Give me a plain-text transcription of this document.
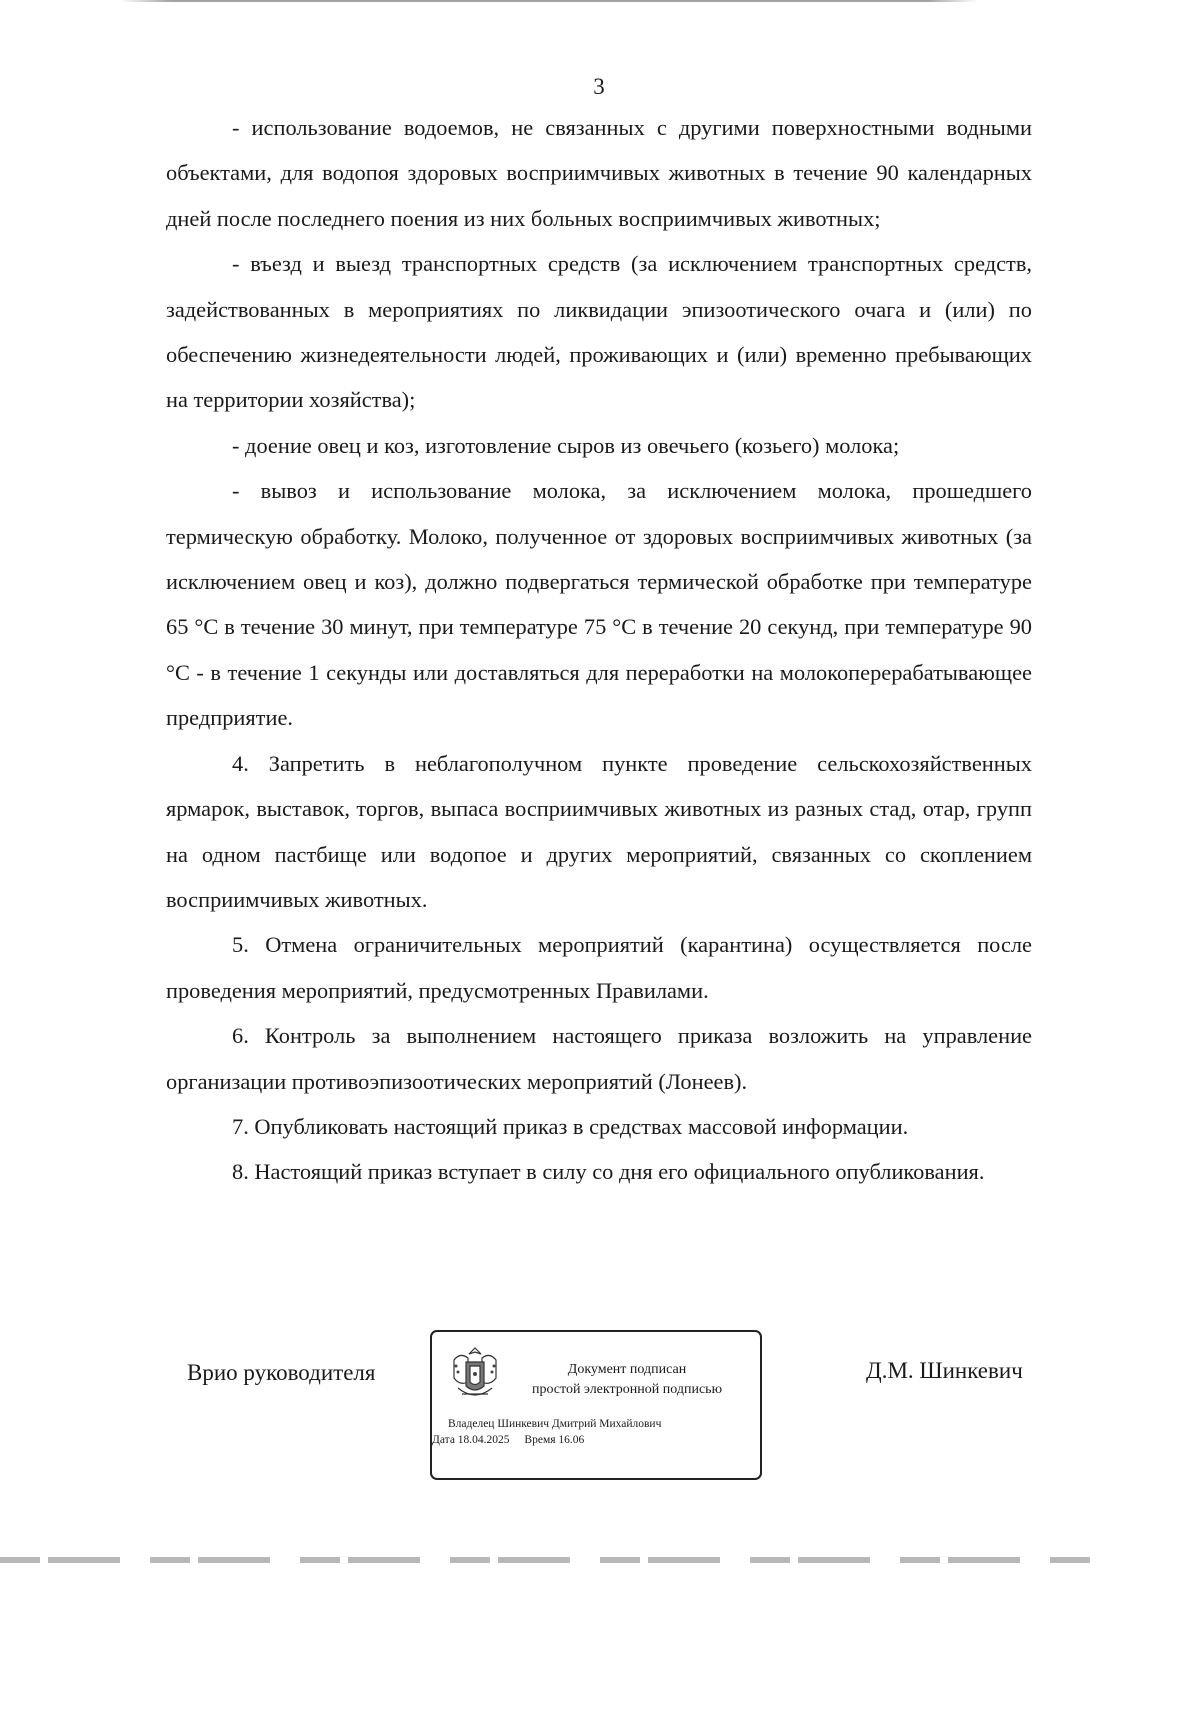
3

- использование водоемов, не связанных с другими поверхностными водными объектами, для водопоя здоровых восприимчивых животных в течение 90 календарных дней после последнего поения из них больных восприимчивых животных;

- въезд и выезд транспортных средств (за исключением транспортных средств, задействованных в мероприятиях по ликвидации эпизоотического очага и (или) по обеспечению жизнедеятельности людей, проживающих и (или) временно пребывающих на территории хозяйства);

- доение овец и коз, изготовление сыров из овечьего (козьего) молока;

- вывоз и использование молока, за исключением молока, прошедшего термическую обработку. Молоко, полученное от здоровых восприимчивых животных (за исключением овец и коз), должно подвергаться термической обработке при температуре 65 °C в течение 30 минут, при температуре 75 °C в течение 20 секунд, при температуре 90 °C - в течение 1 секунды или доставляться для переработки на молокоперерабатывающее предприятие.

4. Запретить в неблагополучном пункте проведение сельскохозяйственных ярмарок, выставок, торгов, выпаса восприимчивых животных из разных стад, отар, групп на одном пастбище или водопое и других мероприятий, связанных со скоплением восприимчивых животных.

5. Отмена ограничительных мероприятий (карантина) осуществляется после проведения мероприятий, предусмотренных Правилами.

6. Контроль за выполнением настоящего приказа возложить на управление организации противоэпизоотических мероприятий (Лонеев).

7. Опубликовать настоящий приказ в средствах массовой информации.

8. Настоящий приказ вступает в силу со дня его официального опубликования.

Врио руководителя	Документ подписан
простой электронной подписью
Владелец Шинкевич Дмитрий Михайлович
Дата 18.04.2025 Время 16.06
Д.М. Шинкевич
